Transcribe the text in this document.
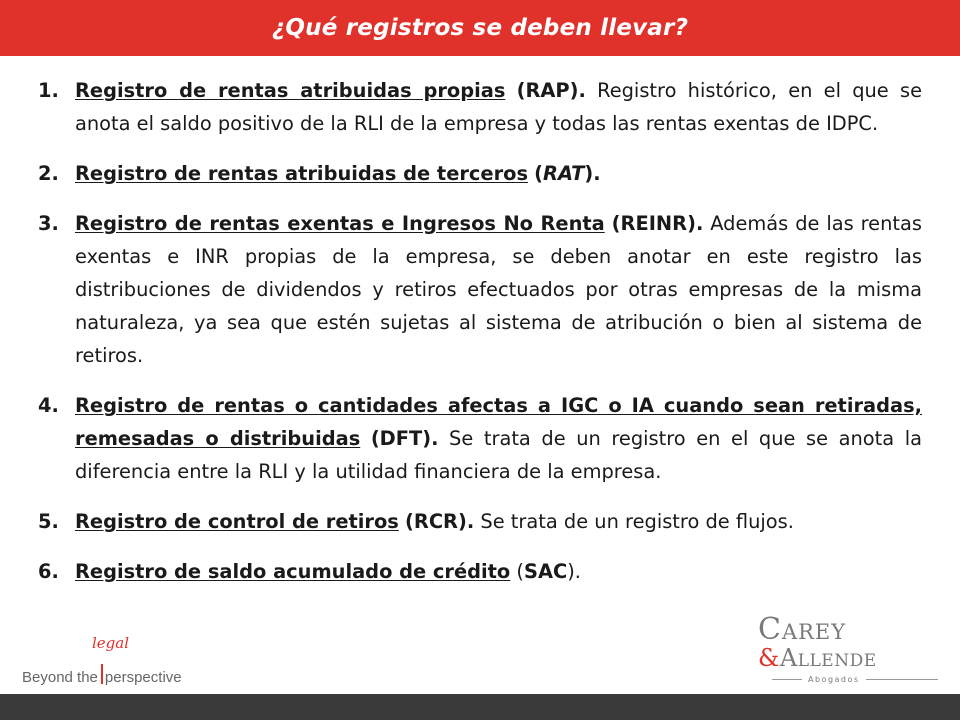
¿Qué registros se deben llevar?
1. Registro de rentas atribuidas propias (RAP). Registro histórico, en el que se anota el saldo positivo de la RLI de la empresa y todas las rentas exentas de IDPC.
2. Registro de rentas atribuidas de terceros (RAT).
3. Registro de rentas exentas e Ingresos No Renta (REINR). Además de las rentas exentas e INR propias de la empresa, se deben anotar en este registro las distribuciones de dividendos y retiros efectuados por otras empresas de la misma naturaleza, ya sea que estén sujetas al sistema de atribución o bien al sistema de retiros.
4. Registro de rentas o cantidades afectas a IGC o IA cuando sean retiradas, remesadas o distribuidas (DFT). Se trata de un registro en el que se anota la diferencia entre la RLI y la utilidad financiera de la empresa.
5. Registro de control de retiros (RCR). Se trata de un registro de flujos.
6. Registro de saldo acumulado de crédito (SAC).
legal
Beyond the perspective
Carey
&Allende
Abogados
